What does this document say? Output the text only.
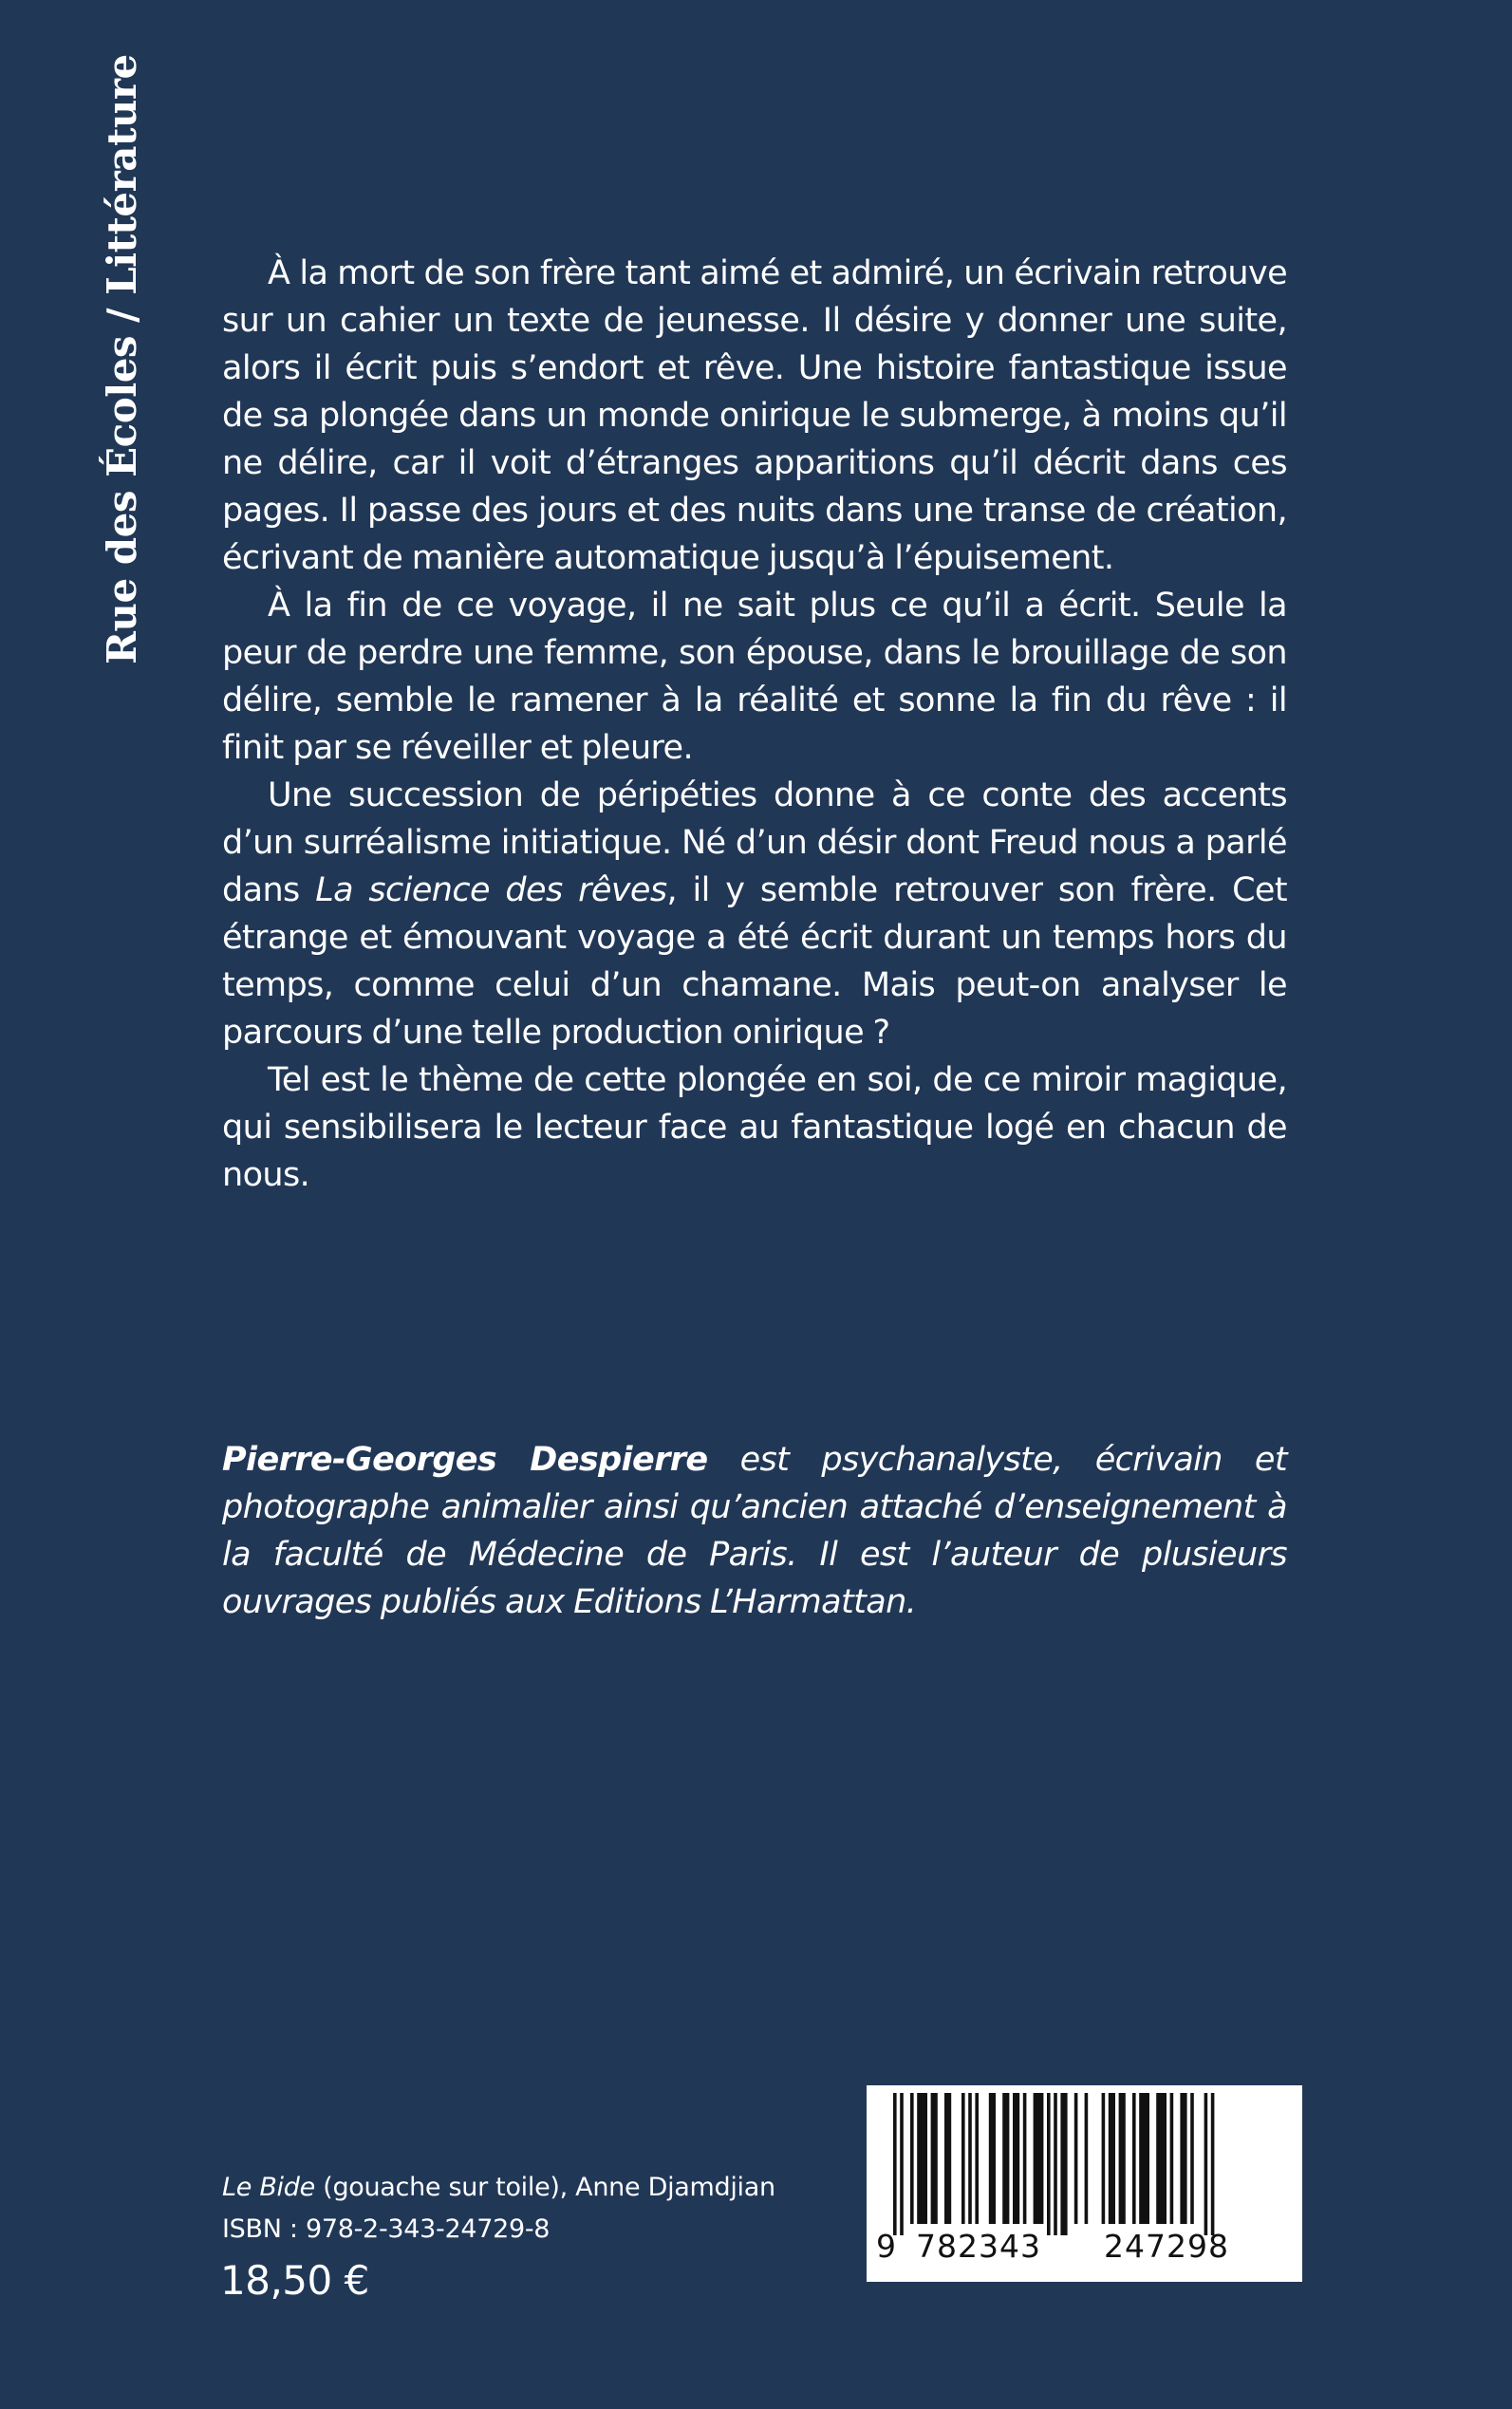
Rue des Écoles / Littérature	À la mort de son frère tant aimé et admiré, un écrivain retrouve sur un cahier un texte de jeunesse. Il désire y donner une suite, alors il écrit puis s’endort et rêve. Une histoire fantastique issue de sa plongée dans un monde onirique le submerge, à moins qu’il ne délire, car il voit d’étranges apparitions qu’il décrit dans ces pages. Il passe des jours et des nuits dans une transe de création, écrivant de manière automatique jusqu’à l’épuisement.

À la fin de ce voyage, il ne sait plus ce qu’il a écrit. Seule la peur de perdre une femme, son épouse, dans le brouillage de son délire, semble le ramener à la réalité et sonne la fin du rêve : il finit par se réveiller et pleure.

Une succession de péripéties donne à ce conte des accents d’un surréalisme initiatique. Né d’un désir dont Freud nous a parlé dans La science des rêves, il y semble retrouver son frère. Cet étrange et émouvant voyage a été écrit durant un temps hors du temps, comme celui d’un chamane. Mais peut-on analyser le parcours d’une telle production onirique ?

Tel est le thème de cette plongée en soi, de ce miroir magique, qui sensibilisera le lecteur face au fantastique logé en chacun de nous.

Pierre-Georges Despierre est psychanalyste, écrivain et photographe animalier ainsi qu’ancien attaché d’enseignement à la faculté de Médecine de Paris. Il est l’auteur de plusieurs ouvrages publiés aux Editions L’Harmattan.

Le Bide (gouache sur toile), Anne Djamdjian
ISBN : 978-2-343-24729-8
18,50 €
9 782343 247298
